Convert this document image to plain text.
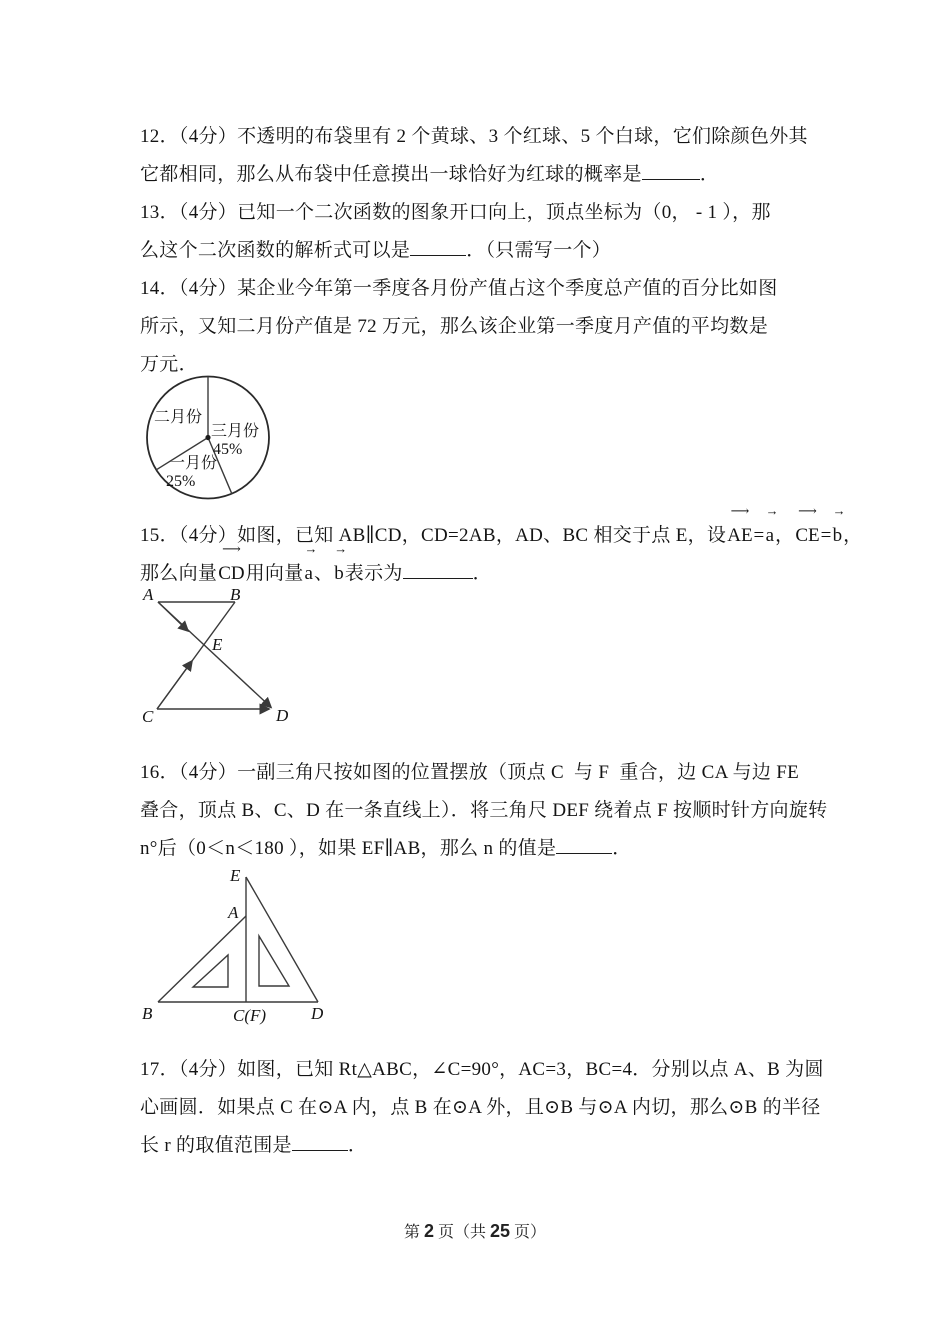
12．（4分）不透明的布袋里有 2 个黄球、3 个红球、5 个白球，它们除颜色外其
它都相同，那么从布袋中任意摸出一球恰好为红球的概率是	．
13．（4分）已知一个二次函数的图象开口向上，顶点坐标为（0， - 1 ），那
么这个二次函数的解析式可以是	．（只需写一个）
14．（4分）某企业今年第一季度各月份产值占这个季度总产值的百分比如图
所示，又知二月份产值是 72 万元，那么该企业第一季度月产值的平均数是
万元．
二月份
三月份
45%
一月份
25%
15．（4分）如图，已知 AB∥CD，CD=2AB，AD、BC 相交于点 E，设⟶ AE=→ a，⟶ CE=→ b，
那么向量⟶ CD用向量→ a、→ b表示为	．
A	B
E
C	D
16．（4分）一副三角尺按如图的位置摆放（顶点 C  与 F  重合，边 CA 与边 FE
叠合，顶点 B、C、D 在一条直线上）．将三角尺 DEF 绕着点 F 按顺时针方向旋转
n°后（0＜n＜180 ），如果 EF∥AB，那么 n 的值是	．
E
A
B	C(F)	D
17．（4分）如图，已知 Rt△ABC，∠C=90°，AC=3，BC=4．分别以点 A、B 为圆
心画圆．如果点 C 在⊙A 内，点 B 在⊙A 外，且⊙B 与⊙A 内切，那么⊙B 的半径
长 r 的取值范围是	．
第 2 页（共 25 页）
